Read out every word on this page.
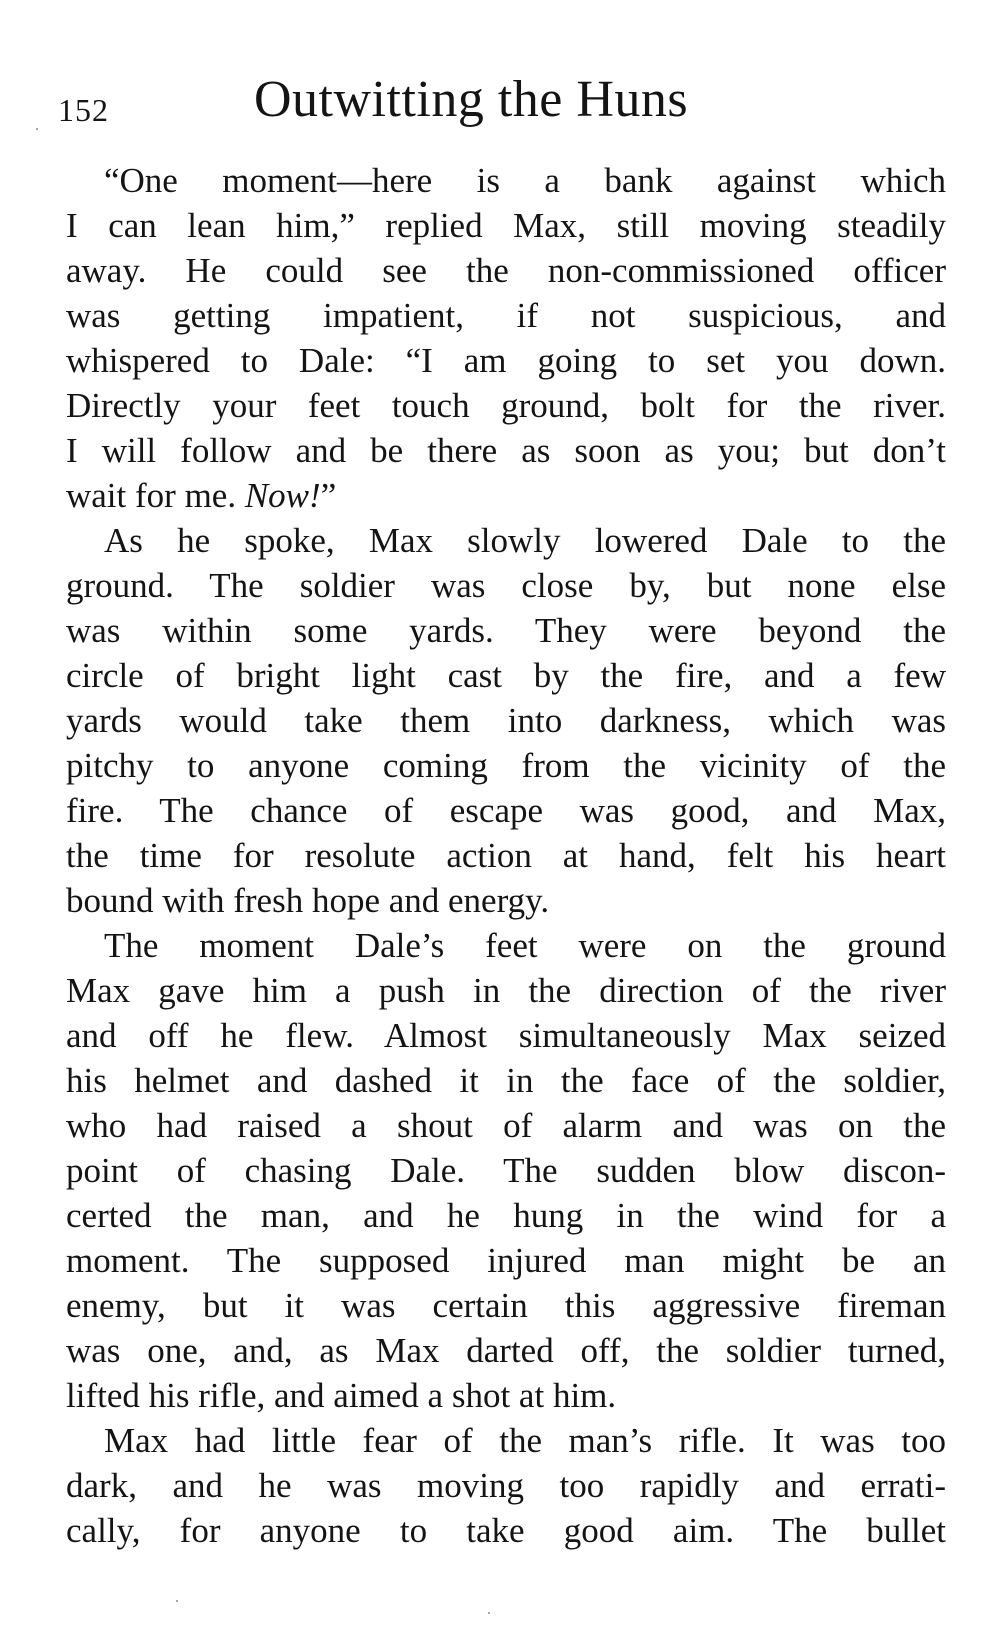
152	Outwitting the Huns
“One moment—here is a bank against which
I can lean him,” replied Max, still moving steadily
away. He could see the non-commissioned officer
was getting impatient, if not suspicious, and
whispered to Dale: “I am going to set you down.
Directly your feet touch ground, bolt for the river.
I will follow and be there as soon as you; but don’t
wait for me. Now!”
As he spoke, Max slowly lowered Dale to the
ground. The soldier was close by, but none else
was within some yards. They were beyond the
circle of bright light cast by the fire, and a few
yards would take them into darkness, which was
pitchy to anyone coming from the vicinity of the
fire. The chance of escape was good, and Max,
the time for resolute action at hand, felt his heart
bound with fresh hope and energy.
The moment Dale’s feet were on the ground
Max gave him a push in the direction of the river
and off he flew. Almost simultaneously Max seized
his helmet and dashed it in the face of the soldier,
who had raised a shout of alarm and was on the
point of chasing Dale. The sudden blow discon-
certed the man, and he hung in the wind for a
moment. The supposed injured man might be an
enemy, but it was certain this aggressive fireman
was one, and, as Max darted off, the soldier turned,
lifted his rifle, and aimed a shot at him.
Max had little fear of the man’s rifle. It was too
dark, and he was moving too rapidly and errati-
cally, for anyone to take good aim. The bullet
